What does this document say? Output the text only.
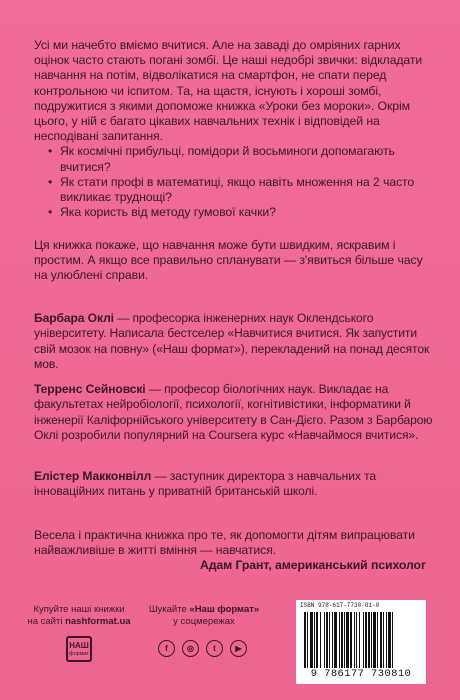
Усі ми начебто вміємо вчитися. Але на заваді до омріяних гарних оцінок часто стають погані зомбі. Це наші недобрі звички: відкладати навчання на потім, відволікатися на смартфон, не спати перед контрольною чи іспитом. Та, на щастя, існують і хороші зомбі, подружитися з якими допоможе книжка «Уроки без мороки». Окрім цього, у ній є багато цікавих навчальних технік і відповідей на несподівані запитання.

• Як космічні прибульці, помідори й восьминоги допомагають вчитися?
• Як стати профі в математиці, якщо навіть множення на 2 часто викликає труднощі?
• Яка користь від методу гумової качки?

Ця книжка покаже, що навчання може бути швидким, яскравим і простим. А якщо все правильно спланувати — з'явиться більше часу на улюблені справи.

Барбара Оклі — професорка інженерних наук Оклендського університету. Написала бестселер «Навчитися вчитися. Як запустити свій мозок на повну» («Наш формат»), перекладений на понад десяток мов.

Терренс Сейновскі — професор біологічних наук. Викладає на факультетах нейробіології, психології, когнітивістики, інформатики й інженерії Каліфорнійського університету в Сан-Дієго. Разом з Барбарою Оклі розробили популярний на Coursera курс «Навчаймося вчитися».

Елістер Макконвілл — заступник директора з навчальних та інноваційних питань у приватній британській школі.

Весела і практична книжка про те, як допомогти дітям випрацювати найважливіше в житті вміння — навчатися.

Адам Грант, американський психолог

Купуйте наші книжки
на сайті nashformat.ua
НАШ
формат
Шукайте «Наш формат»
у соцмережах
f ◎ t ▶
ISBN 978-617-7730-81-0
9 786177 730810
